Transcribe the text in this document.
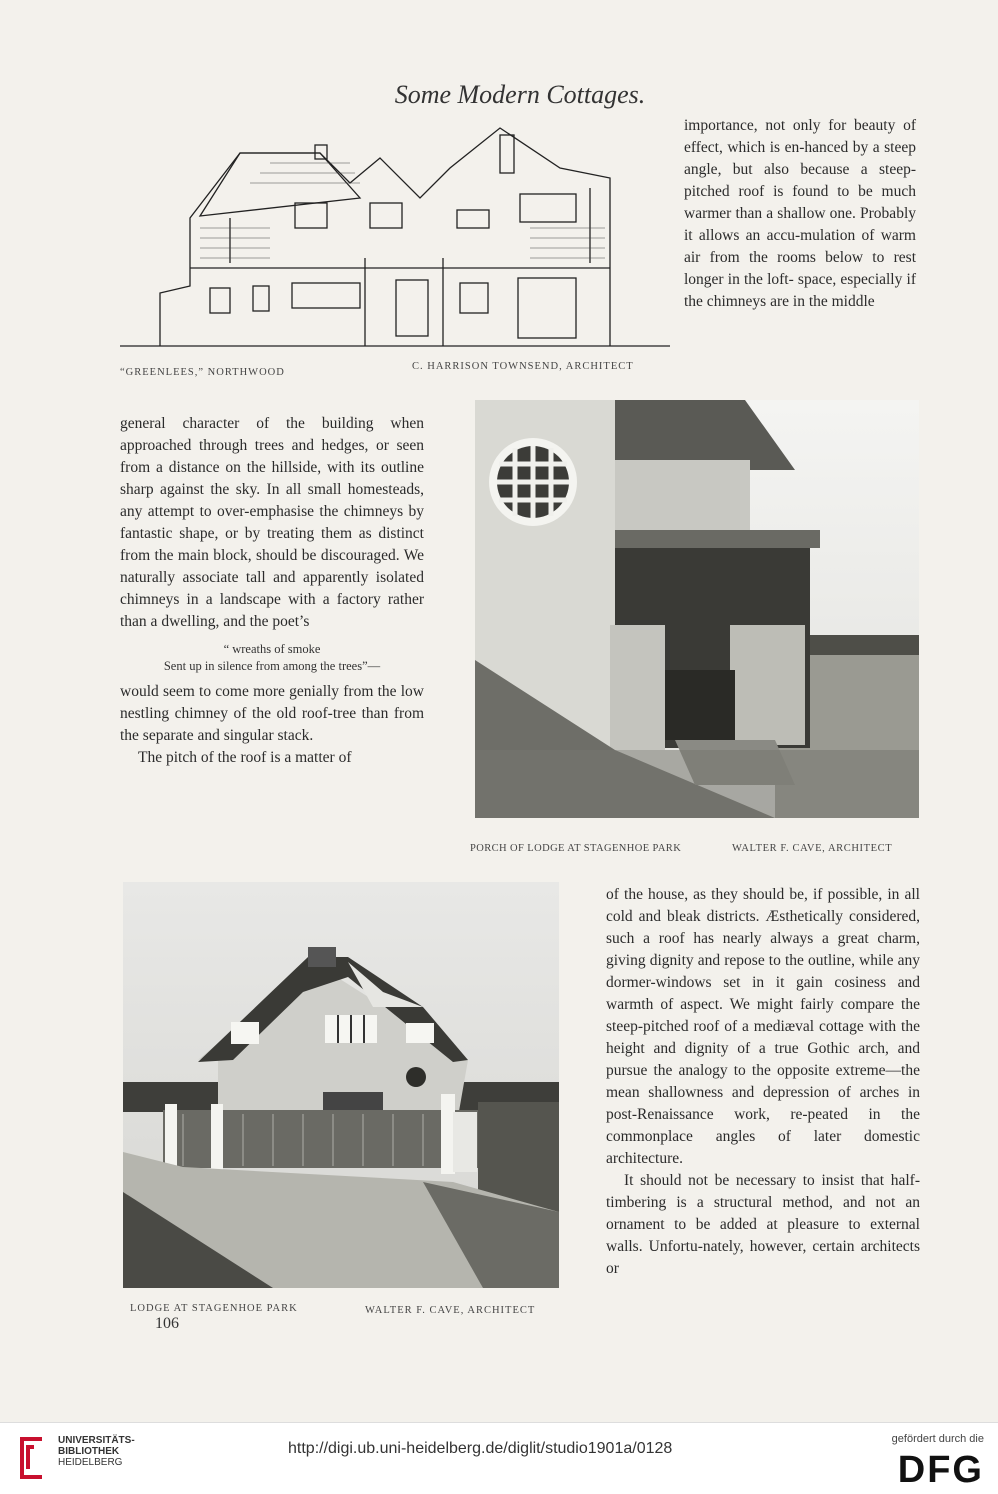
Some Modern Cottages.
“GREENLEES,” NORTHWOOD
C. HARRISON TOWNSEND, ARCHITECT

importance, not only for beauty of effect, which is en-hanced by a steep angle, but also because a steep-pitched roof is found to be much warmer than a shallow one. Probably it allows an accu-mulation of warm air from the rooms below to rest longer in the loft- space, especially if the chimneys are in the middle

general character of the building when approached through trees and hedges, or seen from a distance on the hillside, with its outline sharp against the sky. In all small homesteads, any attempt to over-emphasise the chimneys by fantastic shape, or by treating them as distinct from the main block, should be discouraged. We naturally associate tall and apparently isolated chimneys in a landscape with a factory rather than a dwelling, and the poet’s

“ wreaths of smoke
Sent up in silence from among the trees”—

would seem to come more genially from the low nestling chimney of the old roof-tree than from the separate and singular stack.

The pitch of the roof is a matter of

PORCH OF LODGE AT STAGENHOE PARK	WALTER F. CAVE, ARCHITECT
LODGE AT STAGENHOE PARK	WALTER F. CAVE, ARCHITECT
106

of the house, as they should be, if possible, in all cold and bleak districts. Æsthetically considered, such a roof has nearly always a great charm, giving dignity and repose to the outline, while any dormer-windows set in it gain cosiness and warmth of aspect. We might fairly compare the steep-pitched roof of a mediæval cottage with the height and dignity of a true Gothic arch, and pursue the analogy to the opposite extreme—the mean shallowness and depression of arches in post-Renaissance work, re-peated in the commonplace angles of later domestic architecture.

It should not be necessary to insist that half-timbering is a structural method, and not an ornament to be added at pleasure to external walls. Unfortu-nately, however, certain architects or

UNIVERSITÄTS-
BIBLIOTHEK
HEIDELBERG
http://digi.ub.uni-heidelberg.de/diglit/studio1901a/0128
gefördert durch die
DFG
